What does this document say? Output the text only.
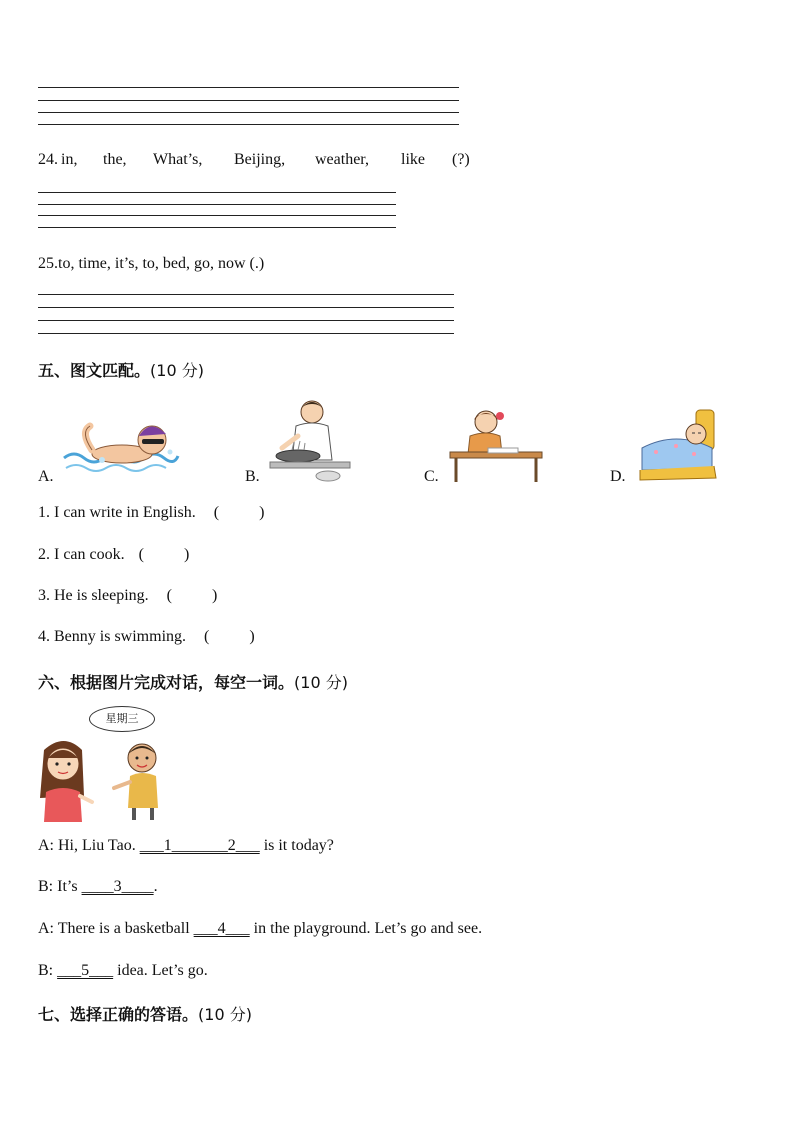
24. in, the, What’s, Beijing, weather, like (?)
25.to, time, it’s, to, bed, go, now (.)
五、图文匹配。(10 分)
A.	B.	C.	D.
1. I can write in English. (          )
2. I can cook. (          )
3. He is sleeping. (          )
4. Benny is swimming. (          )
六、根据图片完成对话，每空一词。(10 分)
星期三
A: Hi, Liu Tao. ___1_______2___ is it today?
B: It’s ____3____.
A: There is a basketball ___4___ in the playground. Let’s go and see.
B: ___5___ idea. Let’s go.
七、选择正确的答语。(10 分)
